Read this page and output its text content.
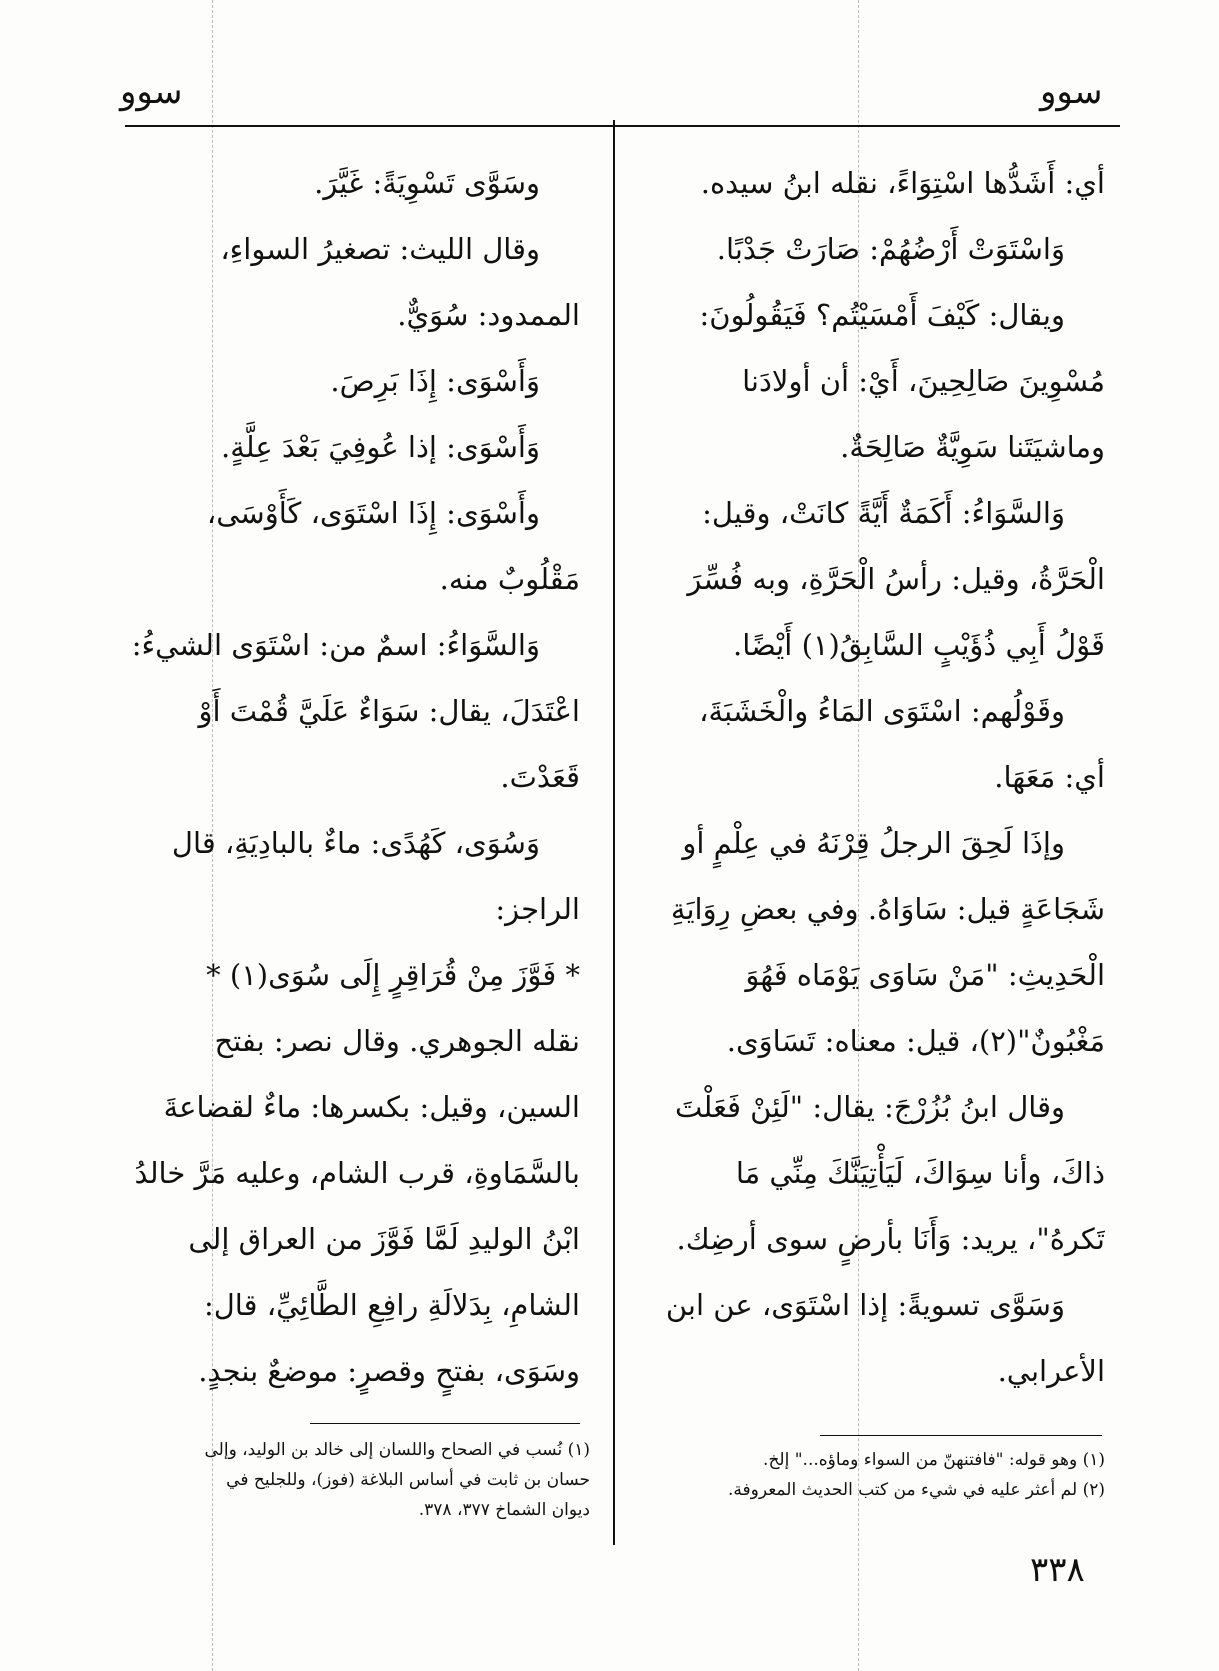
سوو
سوو

أي: أَشَدُّها اسْتِوَاءً، نقله ابنُ سيده.

وَاسْتَوَتْ أَرْضُهُمْ: صَارَتْ جَدْبًا.

ويقال: كَيْفَ أَمْسَيْتُم؟ فَيَقُولُونَ:

مُسْوِينَ صَالِحِينَ، أَيْ: أن أولادَنا

وماشيَتَنا سَوِيَّةٌ صَالِحَةٌ.

وَالسَّوَاءُ: أَكَمَةٌ أَيَّةً كانَتْ، وقيل:

الْحَرَّةُ، وقيل: رأسُ الْحَرَّةِ، وبه فُسِّرَ

قَوْلُ أَبِي ذُؤَيْبٍ السَّابِقُ(١) أَيْضًا.

وقَوْلُهم: اسْتَوَى المَاءُ والْخَشَبَةَ،

أي: مَعَهَا.

وإذَا لَحِقَ الرجلُ قِرْنَهُ في عِلْمٍ أو

شَجَاعَةٍ قيل: سَاوَاهُ. وفي بعضِ رِوَايَةِ

الْحَدِيثِ: "مَنْ سَاوَى يَوْمَاه فَهُوَ

مَغْبُونٌ"(٢)، قيل: معناه: تَسَاوَى.

وقال ابنُ بُزُرْجَ: يقال: "لَئِنْ فَعَلْتَ

ذاكَ، وأنا سِوَاكَ، لَيَأْتِيَنَّكَ مِنِّي مَا

تَكرهُ"، يريد: وَأَنَا بأرضٍ سوى أرضِك.

وَسَوَّى تسويةً: إذا اسْتَوَى، عن ابن

الأعرابي.

وسَوَّى تَسْوِيَةً: غَيَّرَ.

وقال الليث: تصغيرُ السواءِ،

الممدود: سُوَيٌّ.

وَأَسْوَى: إِذَا بَرِصَ.

وَأَسْوَى: إذا عُوفِيَ بَعْدَ عِلَّةٍ.

وأَسْوَى: إِذَا اسْتَوَى، كَأَوْسَى،

مَقْلُوبٌ منه.

وَالسَّوَاءُ: اسمٌ من: اسْتَوَى الشيءُ:

اعْتَدَلَ، يقال: سَوَاءٌ عَلَيَّ قُمْتَ أَوْ

قَعَدْتَ.

وَسُوَى، كَهُدًى: ماءٌ بالبادِيَةِ، قال

الراجز:

* فَوَّزَ مِنْ قُرَاقِرٍ إِلَى سُوَى(١) *

نقله الجوهري. وقال نصر: بفتح

السين، وقيل: بكسرها: ماءٌ لقضاعةَ

بالسَّمَاوةِ، قرب الشام، وعليه مَرَّ خالدُ

ابْنُ الوليدِ لَمَّا فَوَّزَ من العراق إلى

الشامِ، بِدَلالَةِ رافِعِ الطَّائِيِّ، قال:

وسَوَى، بفتحٍ وقصرٍ: موضعٌ بنجدٍ.

(١) نُسب في الصحاح واللسان إلى خالد بن الوليد، وإلى

حسان بن ثابت في أساس البلاغة (فوز)، وللجليح في

ديوان الشماخ ٣٧٧، ٣٧٨.

(١) وهو قوله: "فافتنهنّ من السواء وماؤه..." إلخ.

(٢) لم أعثر عليه في شيء من كتب الحديث المعروفة.

٣٣٨
